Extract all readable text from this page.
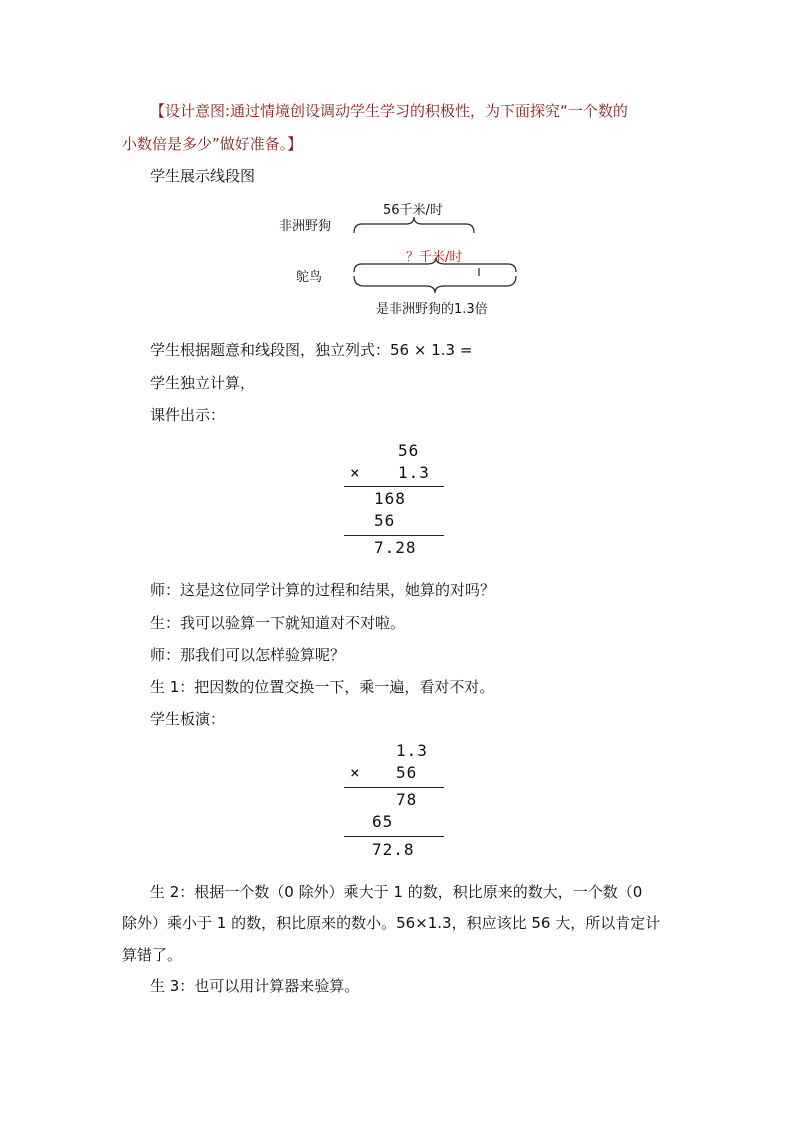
【设计意图:通过情境创设调动学生学习的积极性，为下面探究“一个数的
小数倍是多少”做好准备。】
学生展示线段图
56千米/时
非洲野狗
？千米/时
鸵鸟
是非洲野狗的1.3倍
学生根据题意和线段图，独立列式：56 × 1.3 =
学生独立计算，
课件出示：
56
× 1.3
168
56
7.28
师：这是这位同学计算的过程和结果，她算的对吗？
生：我可以验算一下就知道对不对啦。
师：那我们可以怎样验算呢？
生 1：把因数的位置交换一下，乘一遍，看对不对。
学生板演：
1.3
× 56
78
65
72.8
生 2：根据一个数（0 除外）乘大于 1 的数，积比原来的数大，一个数（0
除外）乘小于 1 的数，积比原来的数小。56×1.3，积应该比 56 大，所以肯定计
算错了。
生 3：也可以用计算器来验算。
